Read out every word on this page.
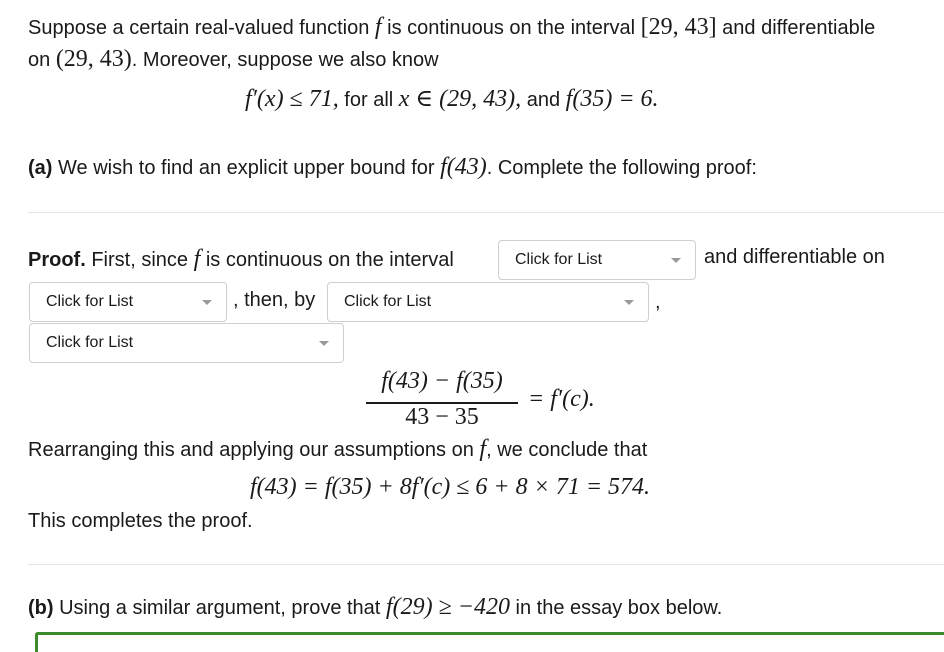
Suppose a certain real-valued function f is continuous on the interval [29, 43] and differentiable
on (29, 43). Moreover, suppose we also know
f′(x) ≤ 71, for all x ∈ (29, 43), and f(35) = 6.
(a) We wish to find an explicit upper bound for f(43). Complete the following proof:
Proof. First, since f is continuous on the interval	Click for List	and differentiable on
Click for List	, then, by	Click for List	,
Click for List
f(43) − f(35)
43 − 35
= f′(c).
Rearranging this and applying our assumptions on f, we conclude that
f(43) = f(35) + 8f′(c) ≤ 6 + 8 × 71 = 574.
This completes the proof.
(b) Using a similar argument, prove that f(29) ≥ −420 in the essay box below.
